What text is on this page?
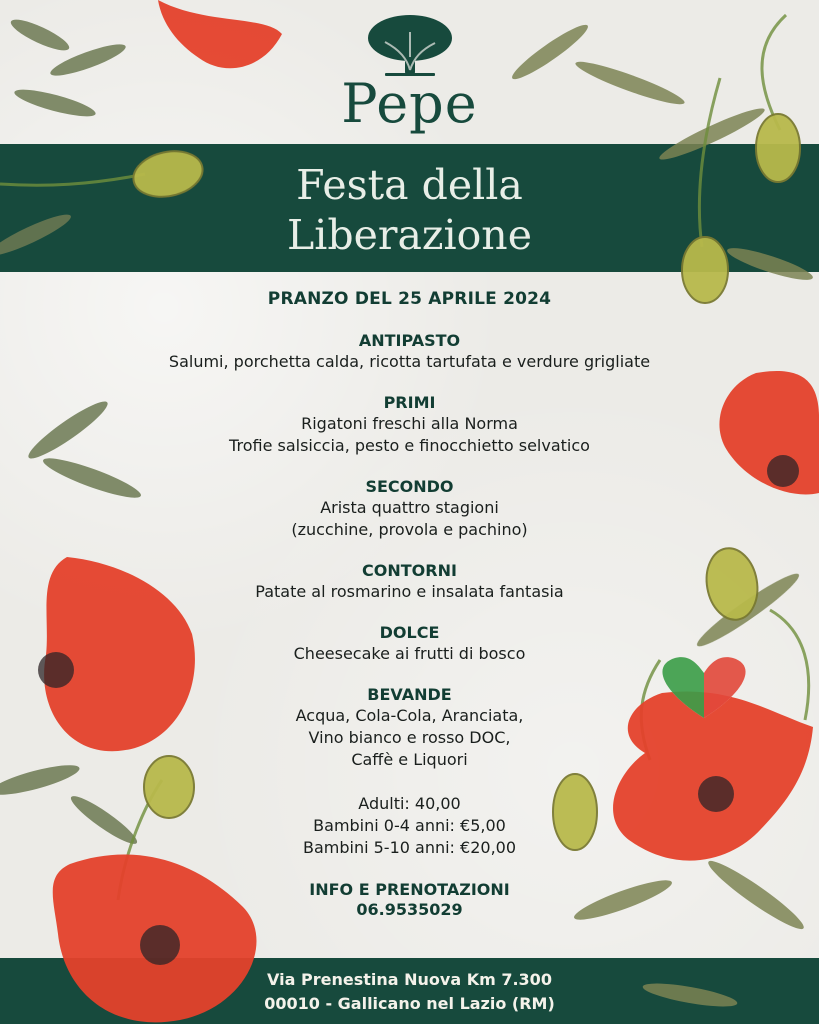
Pepe
Festa della
Liberazione
PRANZO DEL 25 APRILE 2024
ANTIPASTO
Salumi, porchetta calda, ricotta tartufata e verdure grigliate
PRIMI
Rigatoni freschi alla Norma
Trofie salsiccia, pesto e finocchietto selvatico
SECONDO
Arista quattro stagioni
(zucchine, provola e pachino)
CONTORNI
Patate al rosmarino e insalata fantasia
DOLCE
Cheesecake ai frutti di bosco
BEVANDE
Acqua, Cola-Cola, Aranciata,
Vino bianco e rosso DOC,
Caffè e Liquori
Adulti: 40,00
Bambini 0-4 anni: €5,00
Bambini 5-10 anni: €20,00
INFO E PRENOTAZIONI
06.9535029
Via Prenestina Nuova Km 7.300
00010 - Gallicano nel Lazio (RM)
